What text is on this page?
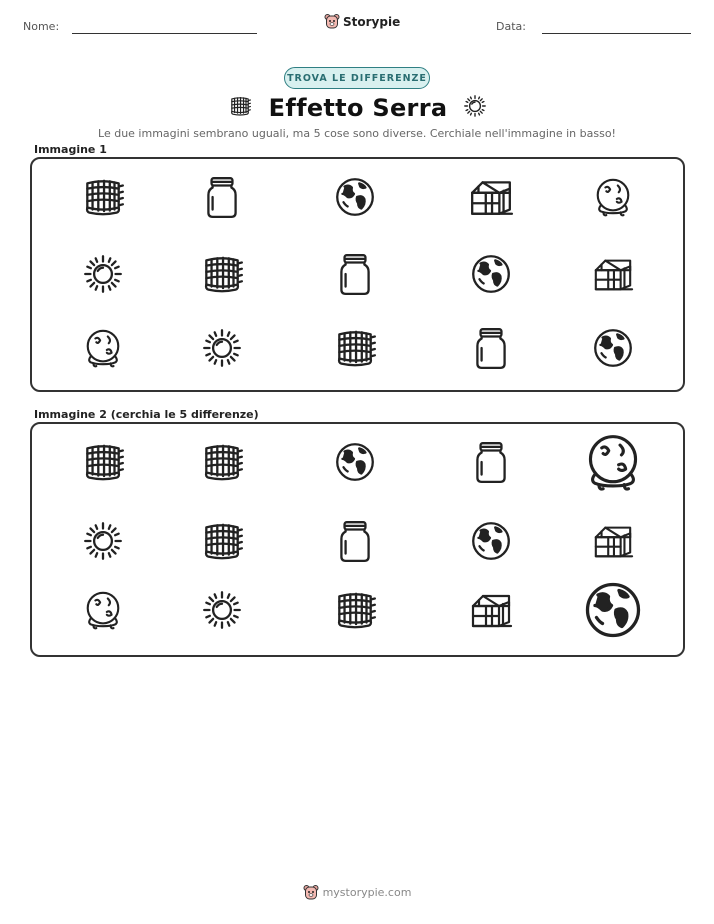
Nome:	Storypie	Data:
TROVA LE DIFFERENZE
Effetto Serra
Le due immagini sembrano uguali, ma 5 cose sono diverse. Cerchiale nell'immagine in basso!
Immagine 1
Immagine 2 (cerchia le 5 differenze)
mystorypie.com
